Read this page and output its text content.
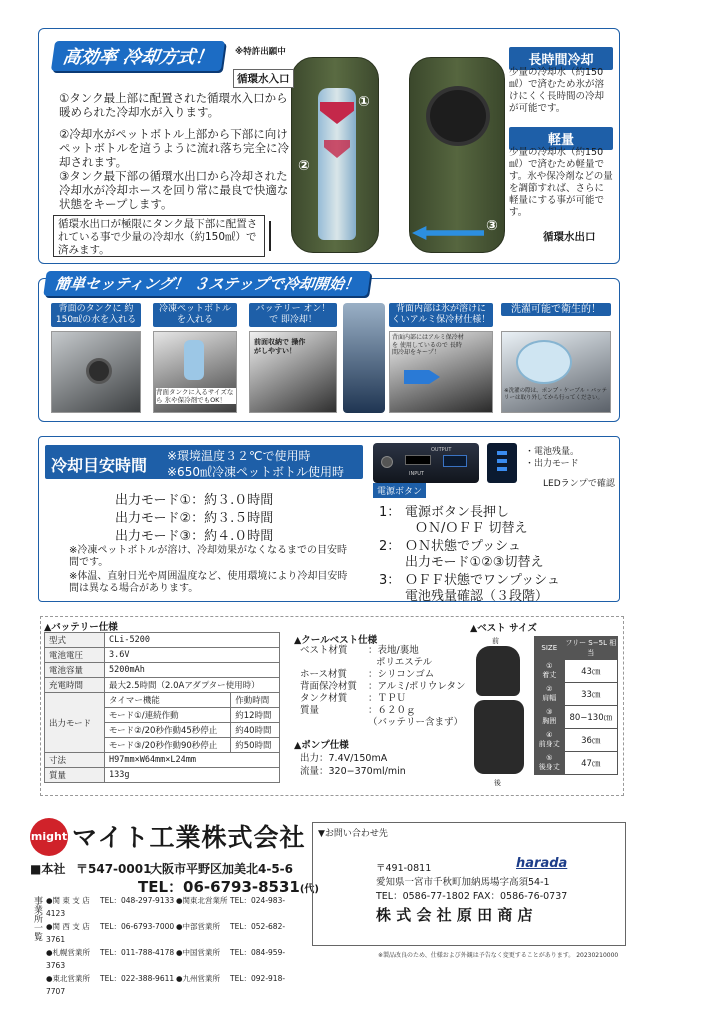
高効率 冷却方式！	※特許出願中
①タンク最上部に配置された循環水入口から暖められた冷却水が入ります。
②冷却水がペットボトル上部から下部に向けペットボトルを這うように流れ落ち完全に冷却されます。
③タンク最下部の循環水出口から冷却された冷却水が冷却ホースを回り常に最良で快適な状態をキープします。
循環水出口が極限にタンク最下部に配置されている事で少量の冷却水（約150㎖）で済みます。
①
②
循環水入口
③
循環水出口
長時間冷却
少量の冷却水（約150㎖）で済むため氷が溶けにくく長時間の冷却が可能です。
軽量
少量の冷却水（約150㎖）で済むため軽量です。氷や保冷剤などの量を調節すれば、さらに軽量にする事が可能です。
簡単セッティング！ ３ステップで冷却開始！
背面のタンクに 約150㎖の水を入れる
冷凍ペットボトル を入れる
背面タンクに入るサイズなら 氷や保冷剤でもOK！
バッテリー オン！ で 即冷却！
前面収納で 操作がしやすい！
背面内部は氷が溶けに くいアルミ保冷材仕様！
背面内部にはアルミ保冷材を 使用しているので 長時間冷却をキープ！
洗濯可能で衛生的！
※洗濯の際は、ポンプ・ケーブル・バッテリーは取り外してから行ってください。
冷却目安時間 ※環境温度３２℃で使用時
※650㎖冷凍ペットボトル使用時
出力モード①：約３.０時間
出力モード②：約３.５時間
出力モード③：約４.０時間
※冷凍ペットボトルが溶け、冷却効果がなくなるまでの目安時間です。
※体温、直射日光や周囲温度など、使用環境により冷却目安時間は異なる場合があります。
OUTPUT
INPUT
・電池残量。
・出力モード
LEDランプで確認
電源ボタン
1： 電源ボタン長押し
ＯＮ/ＯＦＦ 切替え
2： ＯＮ状態でプッシュ
出力モード①②③切替え
3： ＯＦＦ状態でワンプッシュ
電池残量確認（３段階）
▲バッテリー仕様
型式	CLi-5200	
電池電圧	3.6V	
電池容量	5200mAh	
充電時間	最大2.5時間（2.0Aアダプター使用時）	
出力モード	タイマー機能	作動時間
	モード①/連続作動	約12時間
	モード②/20秒作動45秒停止	約40時間
	モード③/20秒作動90秒停止	約50時間
寸法	H97mm×W64mm×L24mm	
質量	133g	
▲クールベスト仕様
ベスト材質 ：表地/裏地
ポリエステル
ホース材質 ：シリコンゴム
背面保冷材質 ：アルミ/ポリウレタン
タンク材質 ：ＴＰＵ
質量	：６２０ｇ
（バッテリー含まず）
▲ポンプ仕様
出力：7.4V/150mA
流量：320−370ml/min
▲ベスト サイズ
前
後
SIZE	フリー S−5L 相当
①
着丈	43㎝
②
肩幅	33㎝
③
胸囲	80−130㎝
④
前身丈	36㎝
⑤
後身丈	47㎝
might マイト工業株式会社
■本社 〒547-0001
大阪市平野区加美北4-5-6
TEL：06-6793-8531(代)
事業所一覧 ●関 東 支 店 TEL：048-297-9133 ●関東北営業所 TEL：024-983-4123
●関 西 支 店 TEL：06-6793-7000 ●中部営業所 TEL：052-682-3761
●札幌営業所 TEL：011-788-4178 ●中国営業所 TEL：084-959-3763
●東北営業所 TEL：022-388-9611 ●九州営業所 TEL：092-918-7707
▼お問い合わせ先
harada
〒491-0811
愛知県一宮市千秋町加納馬場字高須54-1
TEL：0586-77-1802 FAX：0586-76-0737
株 式 会 社 原 田 商 店
※製品改良のため、仕様および外観は予告なく変更することがあります。 20230210000
